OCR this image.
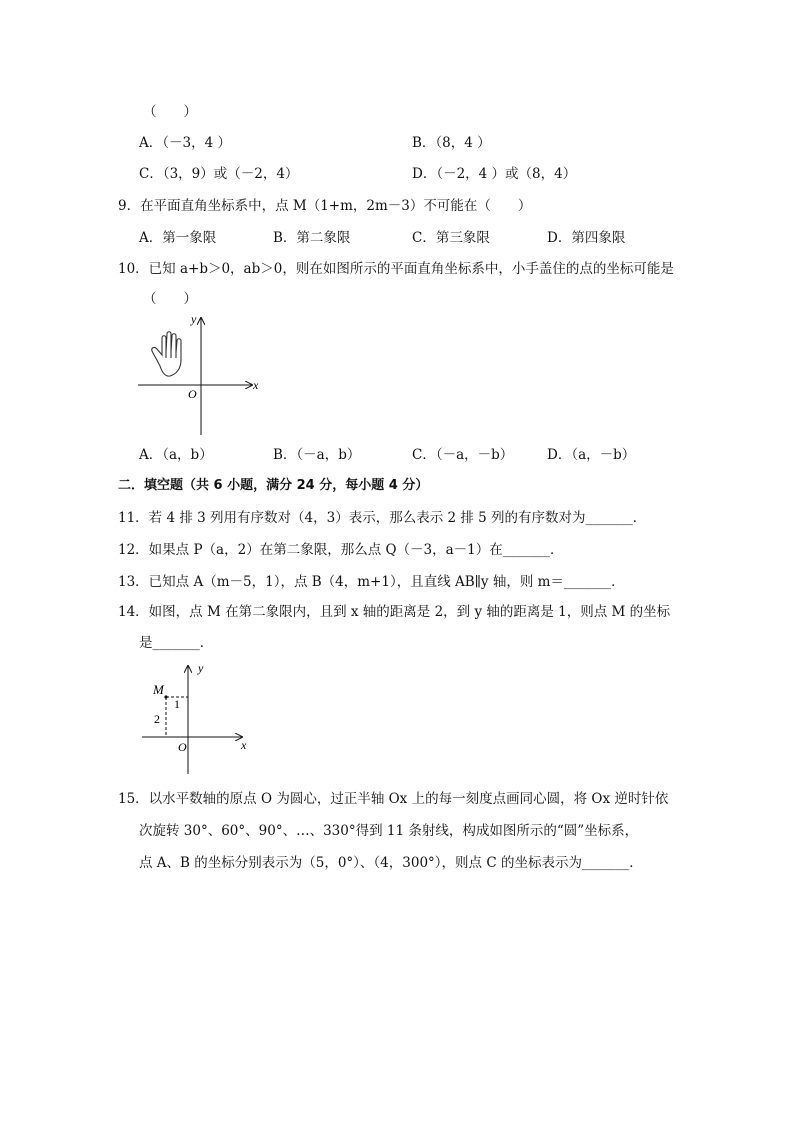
（　　）
A．（－3，4 ）	B．（8，4 ）
C．（3，9）或（－2，4）	D．（－2，4 ）或（8，4）
9．在平面直角坐标系中，点 M（1+m，2m－3）不可能在（　　）
A．第一象限	B．第二象限	C．第三象限	D．第四象限
10．已知 a+b＞0，ab＞0，则在如图所示的平面直角坐标系中，小手盖住的点的坐标可能是
（　　）
x
y
O
A．（a，b）	B．（－a，b）	C．（－a，－b） D．（a，－b）
二．填空题（共 6 小题，满分 24 分，每小题 4 分）
11．若 4 排 3 列用有序数对（4，3）表示，那么表示 2 排 5 列的有序数对为_______．
12．如果点 P（a，2）在第二象限，那么点 Q（－3，a－1）在_______．
13．已知点 A（m－5，1），点 B（4，m+1），且直线 AB∥y 轴，则 m＝_______．
14．如图，点 M 在第二象限内，且到 x 轴的距离是 2，到 y 轴的距离是 1，则点 M 的坐标
是_______．
M
y
x
O
2
1
15．以水平数轴的原点 O 为圆心，过正半轴 Ox 上的每一刻度点画同心圆，将 Ox 逆时针依
次旋转 30°、60°、90°、…、330°得到 11 条射线，构成如图所示的“圆”坐标系，
点 A、B 的坐标分别表示为（5，0°）、（4，300°），则点 C 的坐标表示为_______．
